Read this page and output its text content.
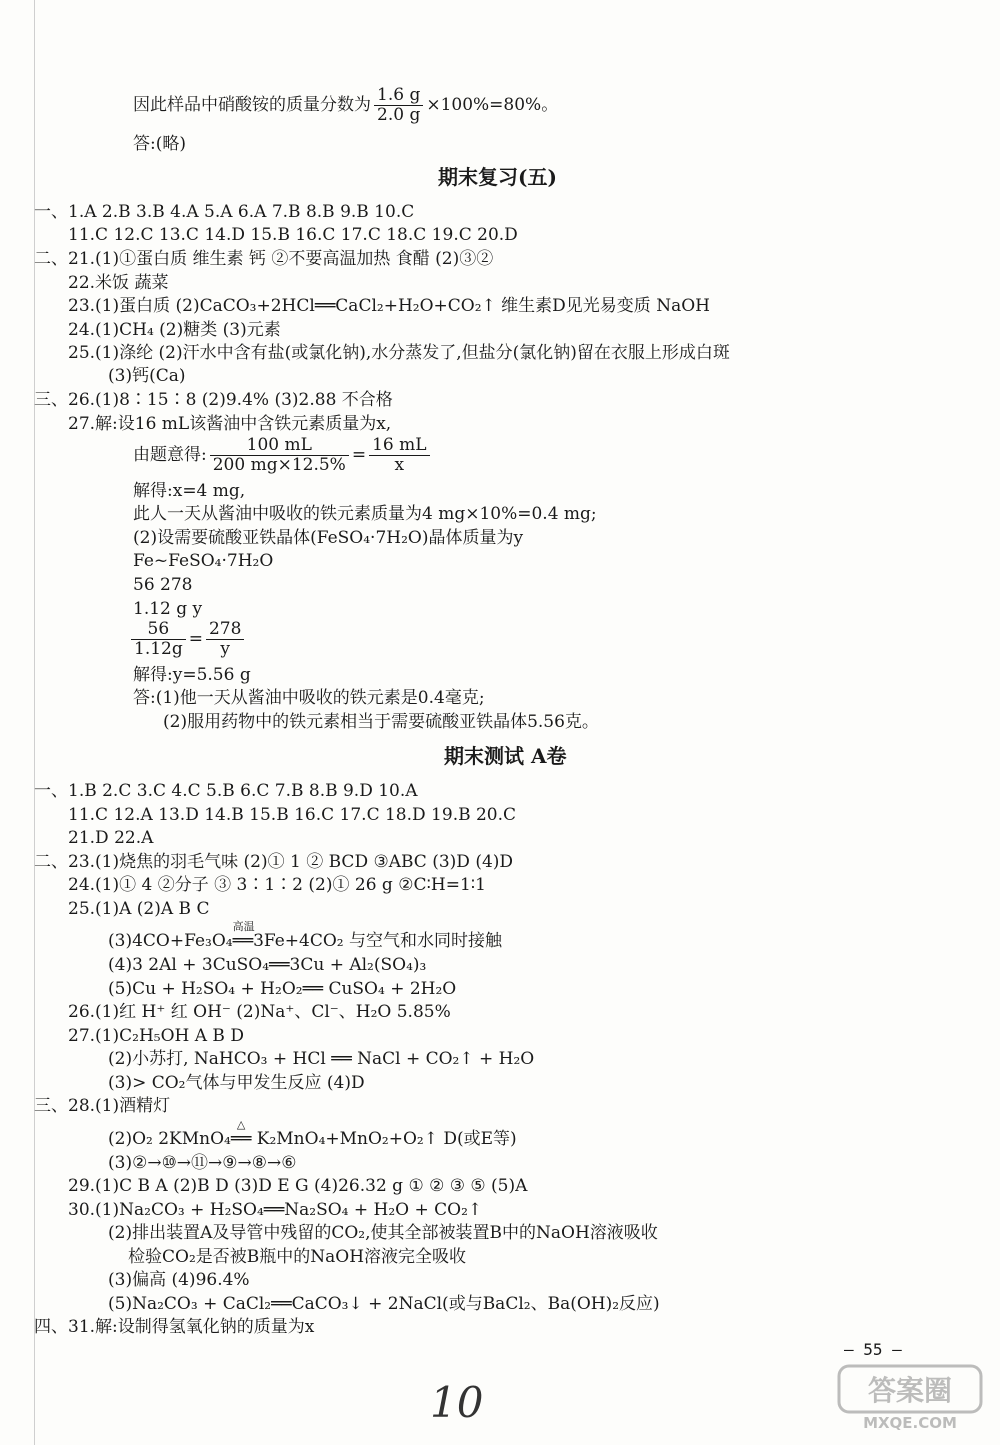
因此样品中硝酸铵的质量分数为 $\frac{1.6 g}{2.0 g} \times 100\%=80\%$。
答:(略)
期末复习(五)
一、1.A 2.B 3.B 4.A 5.A 6.A 7.B 8.B 9.B 10.C
11.C 12.C 13.C 14.D 15.B 16.C 17.C 18.C 19.C 20.D
二、21.(1)①蛋白质 维生素 钙 ②不要高温加热 食醋 (2)③②
22.米饭 蔬菜
23.(1)蛋白质 (2)CaCO₃+2HCl══CaCl₂+H₂O+CO₂↑ 维生素D见光易变质 NaOH
24.(1)CH₄ (2)糖类 (3)元素
25.(1)涤纶 (2)汗水中含有盐(或氯化钠),水分蒸发了,但盐分(氯化钠)留在衣服上形成白斑
(3)钙(Ca)
三、26.(1)8∶15∶8 (2)9.4% (3)2.88 不合格
27.解:设16 mL该酱油中含铁元素质量为x,
由题意得: $\frac{100 mL}{200 mg\times 12.5\%} = \frac{16 mL}{x}$
解得:x=4 mg,
此人一天从酱油中吸收的铁元素质量为4 mg×10%=0.4 mg;
(2)设需要硫酸亚铁晶体(FeSO₄·7H₂O)晶体质量为y
Fe~FeSO₄·7H₂O
56 278
1.12 g y
$\frac{56}{1.12g} = \frac{278}{y}$
解得:y=5.56 g
答:(1)他一天从酱油中吸收的铁元素是0.4毫克;
(2)服用药物中的铁元素相当于需要硫酸亚铁晶体5.56克。
期末测试 A卷
一、1.B 2.C 3.C 4.C 5.B 6.C 7.B 8.B 9.D 10.A
11.C 12.A 13.D 14.B 15.B 16.C 17.C 18.D 19.B 20.C
21.D 22.A
二、23.(1)烧焦的羽毛气味 (2)① 1 ② BCD ③ABC (3)D (4)D
24.(1)① 4 ②分子 ③ 3∶1∶2 (2)① 26 g ②C∶H=1∶1
25.(1)A (2)A B C
(3)4CO+Fe₃O₄
高温
══3Fe+4CO₂ 与空气和水同时接触
(4)3 2Al + 3CuSO₄══3Cu + Al₂(SO₄)₃
(5)Cu + H₂SO₄ + H₂O₂══ CuSO₄ + 2H₂O
26.(1)红 H⁺ 红 OH⁻ (2)Na⁺、Cl⁻、H₂O 5.85%
27.(1)C₂H₅OH A B D
(2)小苏打, NaHCO₃ + HCl ══ NaCl + CO₂↑ + H₂O
(3)> CO₂气体与甲发生反应 (4)D
三、28.(1)酒精灯
(2)O₂ 2KMnO₄
△
══ K₂MnO₄+MnO₂+O₂↑ D(或E等)
(3)②→⑩→⑪→⑨→⑧→⑥
29.(1)C B A (2)B D (3)D E G (4)26.32 g ① ② ③ ⑤ (5)A
30.(1)Na₂CO₃ + H₂SO₄══Na₂SO₄ + H₂O + CO₂↑
(2)排出装置A及导管中残留的CO₂,使其全部被装置B中的NaOH溶液吸收
检验CO₂是否被B瓶中的NaOH溶液完全吸收
(3)偏高 (4)96.4%
(5)Na₂CO₃ + CaCl₂══CaCO₃↓ + 2NaCl(或与BaCl₂、Ba(OH)₂反应)
四、31.解:设制得氢氧化钠的质量为x
— 55 —
10	答案圈
MXQE.COM
